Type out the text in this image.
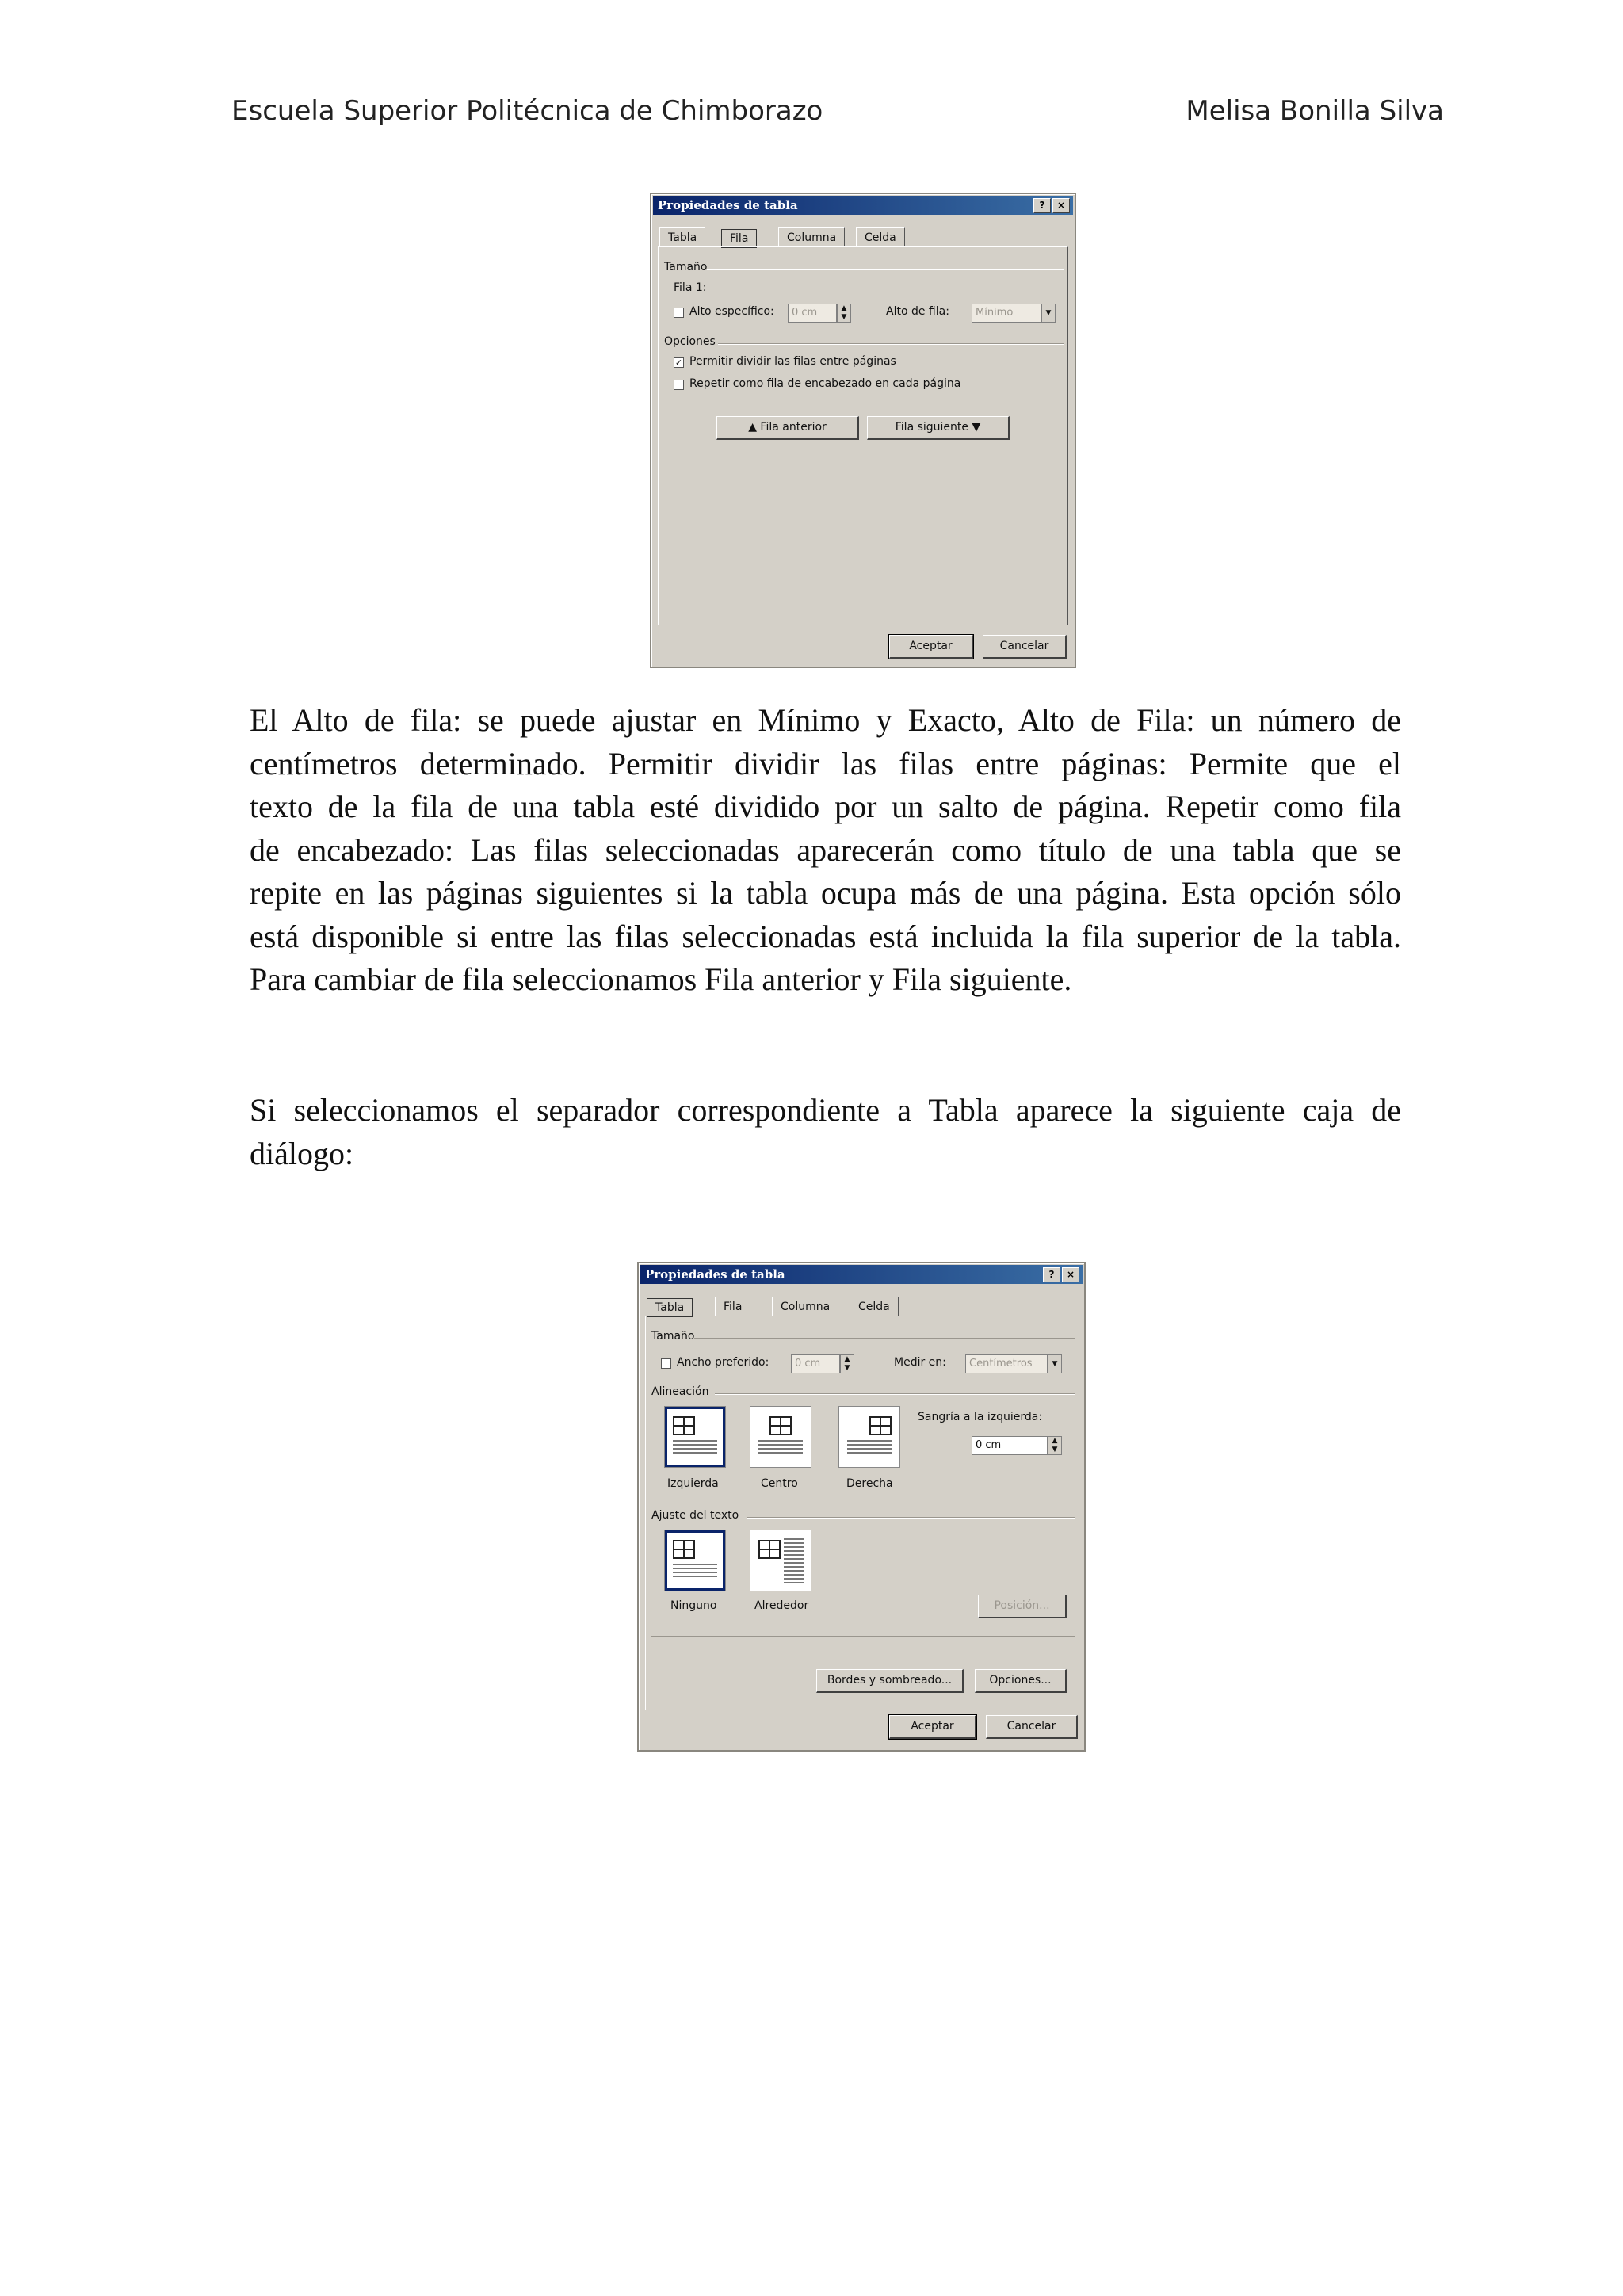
Escuela Superior Politécnica de Chimborazo	Melisa Bonilla Silva
Propiedades de tabla	?	×
Tabla	Fila	Columna	Celda
Tamaño
Fila 1:
Alto específico:	0 cm	▲
▼	Alto de fila:	Mínimo	▼
Opciones
✓ Permitir dividir las filas entre páginas
Repetir como fila de encabezado en cada página
▲ Fila anterior	Fila siguiente ▼
Aceptar	Cancelar

El Alto de fila: se puede ajustar en Mínimo y Exacto, Alto de Fila: un número de
centímetros determinado. Permitir dividir las filas entre páginas: Permite que el
texto de la fila de una tabla esté dividido por un salto de página. Repetir como fila
de encabezado: Las filas seleccionadas aparecerán como título de una tabla que se
repite en las páginas siguientes si la tabla ocupa más de una página. Esta opción sólo
está disponible si entre las filas seleccionadas está incluida la fila superior de la tabla.
Para cambiar de fila seleccionamos Fila anterior y Fila siguiente.

Si seleccionamos el separador correspondiente a Tabla aparece la siguiente caja de
diálogo:

Propiedades de tabla	?	×
Tabla	Fila	Columna	Celda
Tamaño
Ancho preferido:	0 cm	▲
▼	Medir en:	Centímetros	▼
Alineación
Izquierda	Centro	Derecha
Sangría a la izquierda:
0 cm	▲
▼
Ajuste del texto
Ninguno	Alrededor	Posición...
Bordes y sombreado...	Opciones...
Aceptar	Cancelar
